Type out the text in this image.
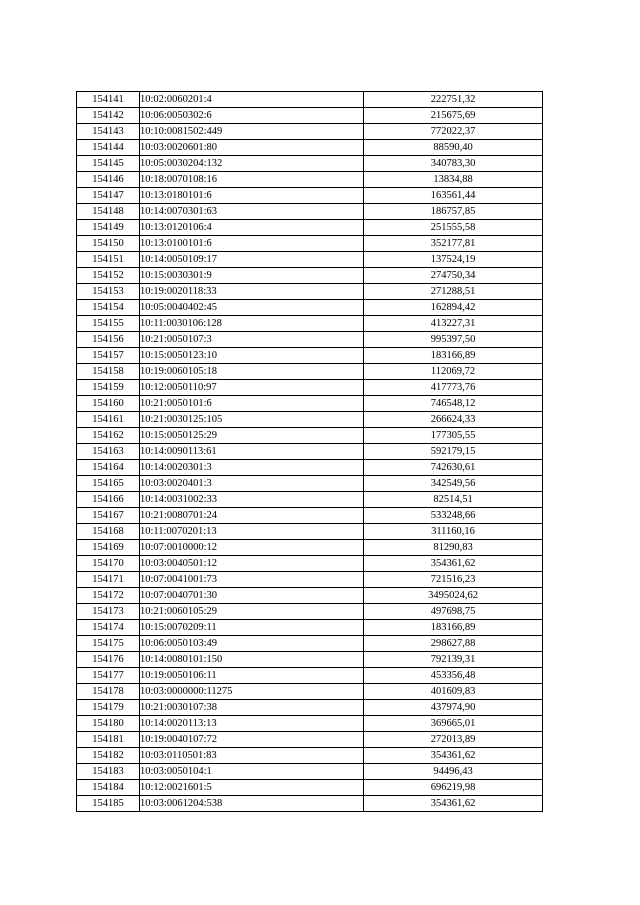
154141	10:02:0060201:4	222751,32
154142	10:06:0050302:6	215675,69
154143	10:10:0081502:449	772022,37
154144	10:03:0020601:80	88590,40
154145	10:05:0030204:132	340783,30
154146	10:18:0070108:16	13834,88
154147	10:13:0180101:6	163561,44
154148	10:14:0070301:63	186757,85
154149	10:13:0120106:4	251555,58
154150	10:13:0100101:6	352177,81
154151	10:14:0050109:17	137524,19
154152	10:15:0030301:9	274750,34
154153	10:19:0020118:33	271288,51
154154	10:05:0040402:45	162894,42
154155	10:11:0030106:128	413227,31
154156	10:21:0050107:3	995397,50
154157	10:15:0050123:10	183166,89
154158	10:19:0060105:18	112069,72
154159	10:12:0050110:97	417773,76
154160	10:21:0050101:6	746548,12
154161	10:21:0030125:105	266624,33
154162	10:15:0050125:29	177305,55
154163	10:14:0090113:61	592179,15
154164	10:14:0020301:3	742630,61
154165	10:03:0020401:3	342549,56
154166	10:14:0031002:33	82514,51
154167	10:21:0080701:24	533248,66
154168	10:11:0070201:13	311160,16
154169	10:07:0010000:12	81290,83
154170	10:03:0040501:12	354361,62
154171	10:07:0041001:73	721516,23
154172	10:07:0040701:30	3495024,62
154173	10:21:0060105:29	497698,75
154174	10:15:0070209:11	183166,89
154175	10:06:0050103:49	298627,88
154176	10:14:0080101:150	792139,31
154177	10:19:0050106:11	453356,48
154178	10:03:0000000:11275	401609,83
154179	10:21:0030107:38	437974,90
154180	10:14:0020113:13	369665,01
154181	10:19:0040107:72	272013,89
154182	10:03:0110501:83	354361,62
154183	10:03:0050104:1	94496,43
154184	10:12:0021601:5	696219,98
154185	10:03:0061204:538	354361,62
